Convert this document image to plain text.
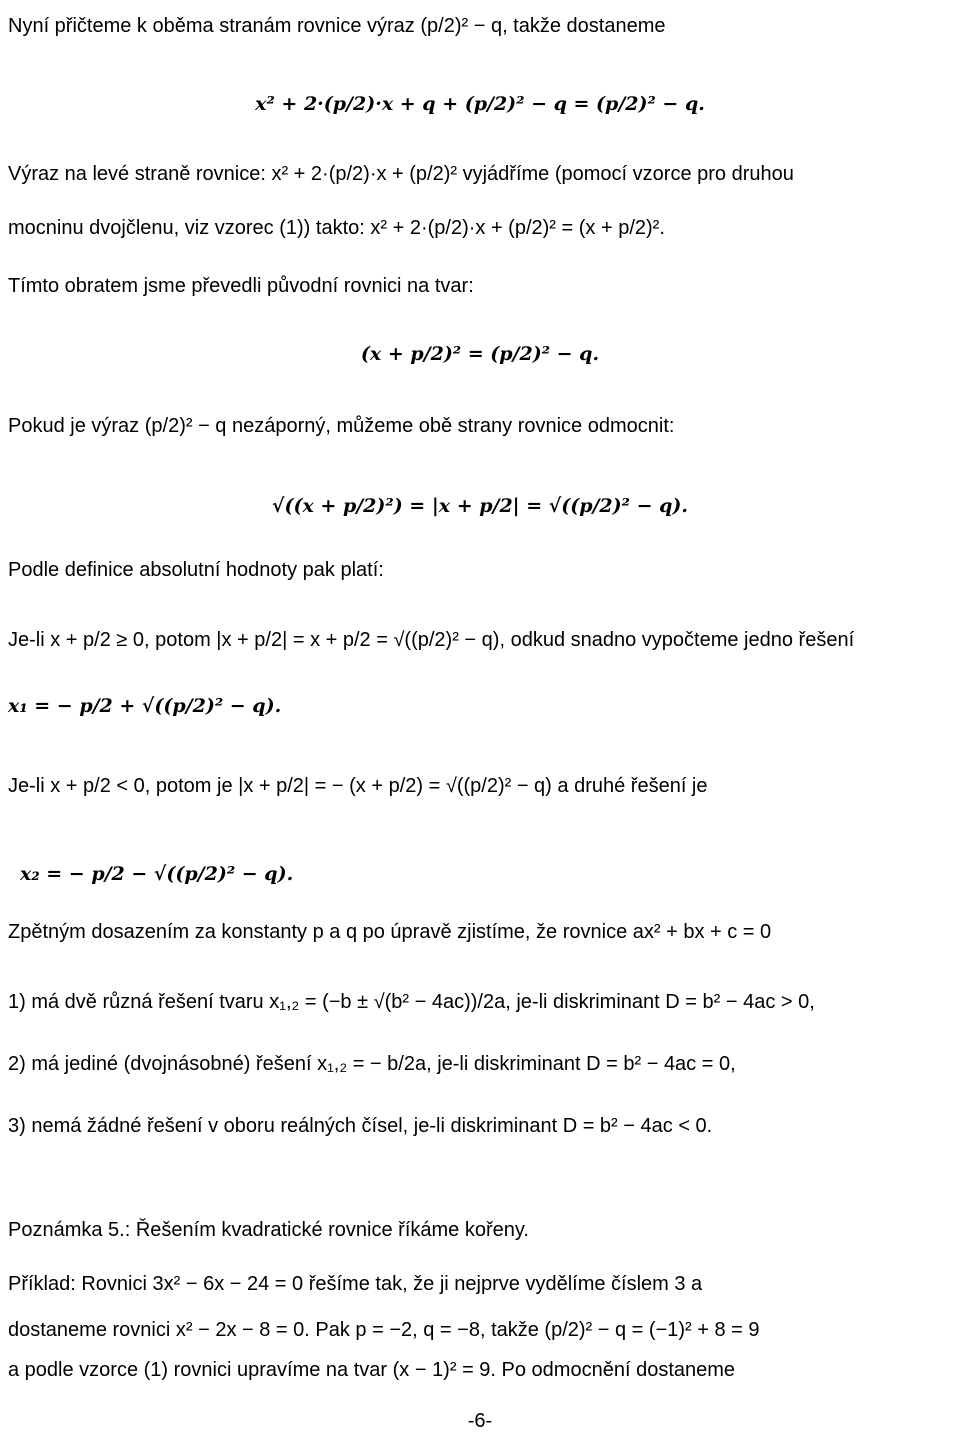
Nyní přičteme k oběma stranám rovnice výraz (p/2)² − q, takže dostaneme
x² + 2·(p/2)·x + q + (p/2)² − q = (p/2)² − q.
Výraz na levé straně rovnice: x² + 2·(p/2)·x + (p/2)² vyjádříme (pomocí vzorce pro druhou
mocninu dvojčlenu, viz vzorec (1)) takto: x² + 2·(p/2)·x + (p/2)² = (x + p/2)².
Tímto obratem jsme převedli původní rovnici na tvar:
(x + p/2)² = (p/2)² − q.
Pokud je výraz (p/2)² − q nezáporný, můžeme obě strany rovnice odmocnit:
√((x + p/2)²) = |x + p/2| = √((p/2)² − q).
Podle definice absolutní hodnoty pak platí:
Je-li x + p/2 ≥ 0, potom |x + p/2| = x + p/2 = √((p/2)² − q), odkud snadno vypočteme jedno řešení
x₁ = − p/2 + √((p/2)² − q).
Je-li x + p/2 < 0, potom je |x + p/2| = − (x + p/2) = √((p/2)² − q) a druhé řešení je
x₂ = − p/2 − √((p/2)² − q).
Zpětným dosazením za konstanty p a q po úpravě zjistíme, že rovnice ax² + bx + c = 0
1) má dvě různá řešení tvaru x₁,₂ = (−b ± √(b² − 4ac))/2a, je-li diskriminant D = b² − 4ac > 0,
2) má jediné (dvojnásobné) řešení x₁,₂ = − b/2a, je-li diskriminant D = b² − 4ac = 0,
3) nemá žádné řešení v oboru reálných čísel, je-li diskriminant D = b² − 4ac < 0.
Poznámka 5.: Řešením kvadratické rovnice říkáme kořeny.
Příklad: Rovnici 3x² − 6x − 24 = 0 řešíme tak, že ji nejprve vydělíme číslem 3 a
dostaneme rovnici x² − 2x − 8 = 0. Pak p = −2, q = −8, takže (p/2)² − q = (−1)² + 8 = 9
a podle vzorce (1) rovnici upravíme na tvar (x − 1)² = 9. Po odmocnění dostaneme
-6-
